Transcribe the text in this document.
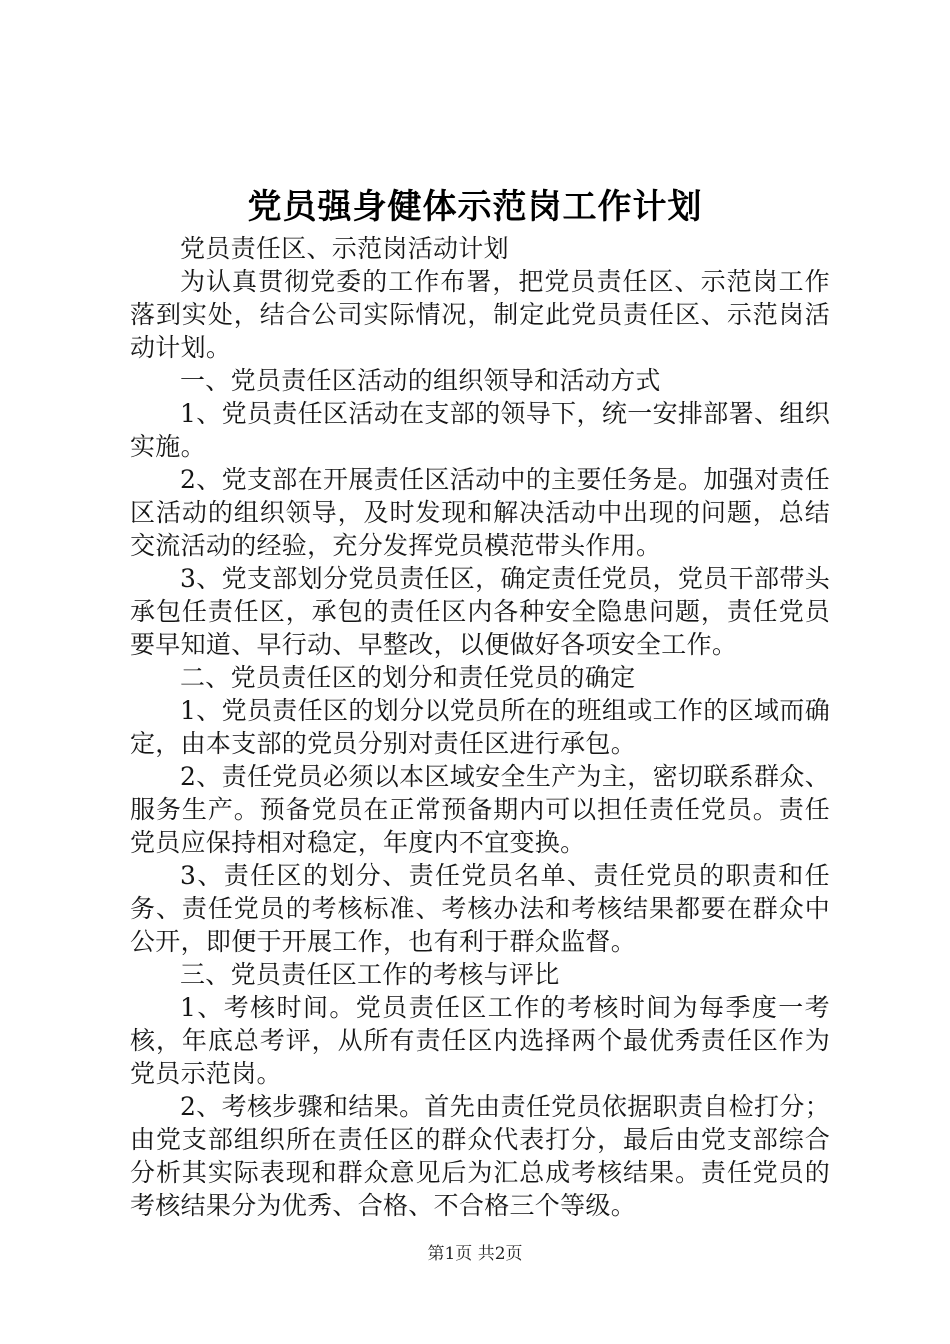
党员强身健体示范岗工作计划

党员责任区、示范岗活动计划

为认真贯彻党委的工作布署，把党员责任区、示范岗工作落到实处，结合公司实际情况，制定此党员责任区、示范岗活动计划。

一、党员责任区活动的组织领导和活动方式

1、党员责任区活动在支部的领导下，统一安排部署、组织实施。

2、党支部在开展责任区活动中的主要任务是。加强对责任区活动的组织领导，及时发现和解决活动中出现的问题，总结交流活动的经验，充分发挥党员模范带头作用。

3、党支部划分党员责任区，确定责任党员，党员干部带头承包任责任区，承包的责任区内各种安全隐患问题，责任党员要早知道、早行动、早整改，以便做好各项安全工作。

二、党员责任区的划分和责任党员的确定

1、党员责任区的划分以党员所在的班组或工作的区域而确定，由本支部的党员分别对责任区进行承包。

2、责任党员必须以本区域安全生产为主，密切联系群众、服务生产。预备党员在正常预备期内可以担任责任党员。责任党员应保持相对稳定，年度内不宜变换。

3、责任区的划分、责任党员名单、责任党员的职责和任务、责任党员的考核标准、考核办法和考核结果都要在群众中公开，即便于开展工作，也有利于群众监督。

三、党员责任区工作的考核与评比

1、考核时间。党员责任区工作的考核时间为每季度一考核，年底总考评，从所有责任区内选择两个最优秀责任区作为党员示范岗。

2、考核步骤和结果。首先由责任党员依据职责自检打分；由党支部组织所在责任区的群众代表打分，最后由党支部综合分析其实际表现和群众意见后为汇总成考核结果。责任党员的考核结果分为优秀、合格、不合格三个等级。

第1页 共2页
